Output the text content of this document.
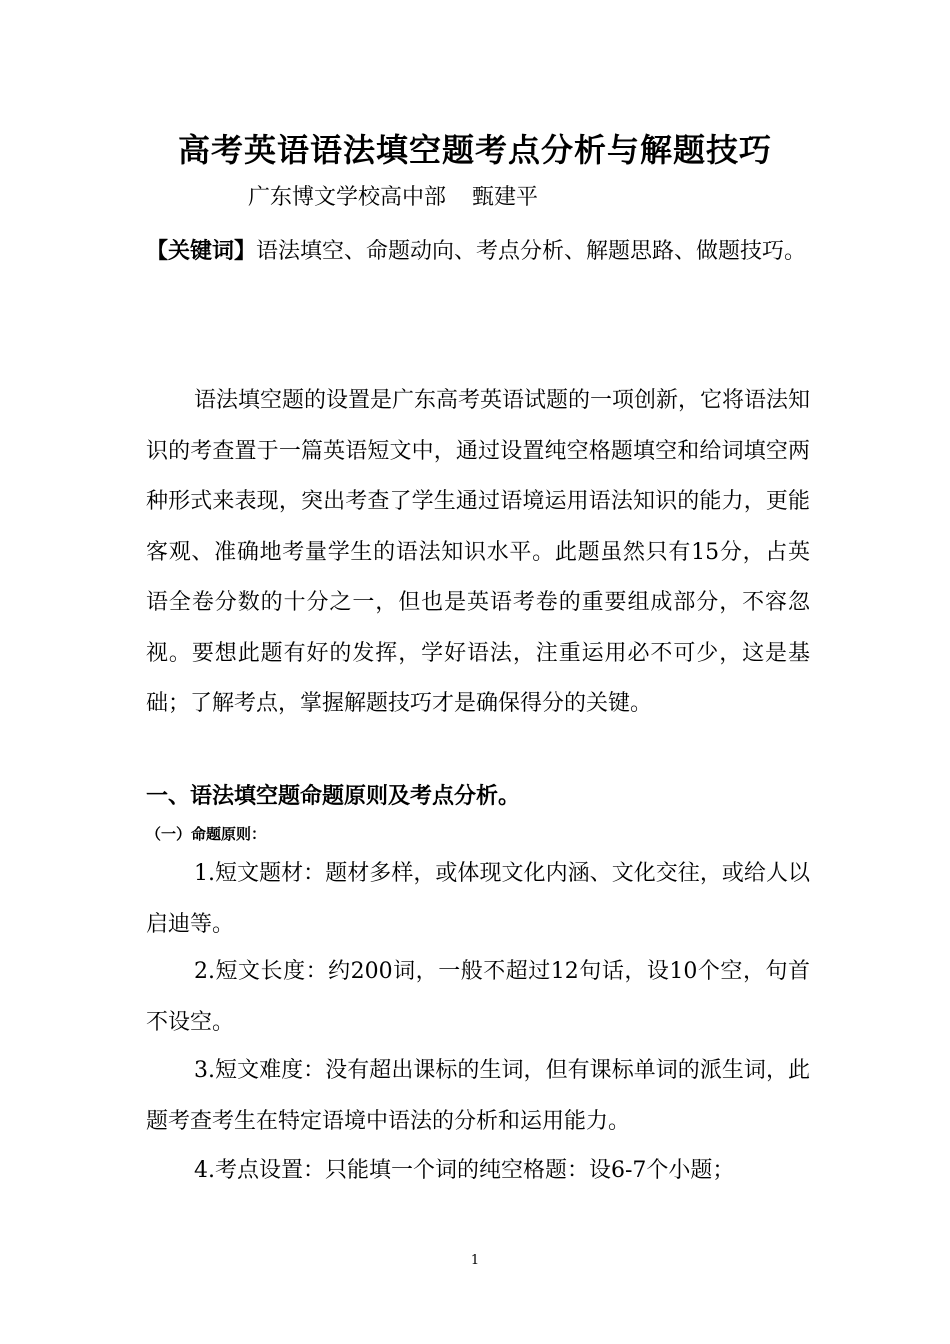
高考英语语法填空题考点分析与解题技巧
广东博文学校高中部 甄建平
【关键词】语法填空、命题动向、考点分析、解题思路、做题技巧。
语法填空题的设置是广东高考英语试题的一项创新，它将语法知识的考查置于一篇英语短文中，通过设置纯空格题填空和给词填空两种形式来表现，突出考查了学生通过语境运用语法知识的能力，更能客观、准确地考量学生的语法知识水平。此题虽然只有15分，占英语全卷分数的十分之一，但也是英语考卷的重要组成部分，不容忽视。要想此题有好的发挥，学好语法，注重运用必不可少，这是基础；了解考点，掌握解题技巧才是确保得分的关键。
一、语法填空题命题原则及考点分析。
（一）命题原则：
1.短文题材：题材多样，或体现文化内涵、文化交往，或给人以启迪等。
2.短文长度：约200词，一般不超过12句话，设10个空，句首不设空。
3.短文难度：没有超出课标的生词，但有课标单词的派生词，此题考查考生在特定语境中语法的分析和运用能力。
4.考点设置：只能填一个词的纯空格题：设6-7个小题；
1
